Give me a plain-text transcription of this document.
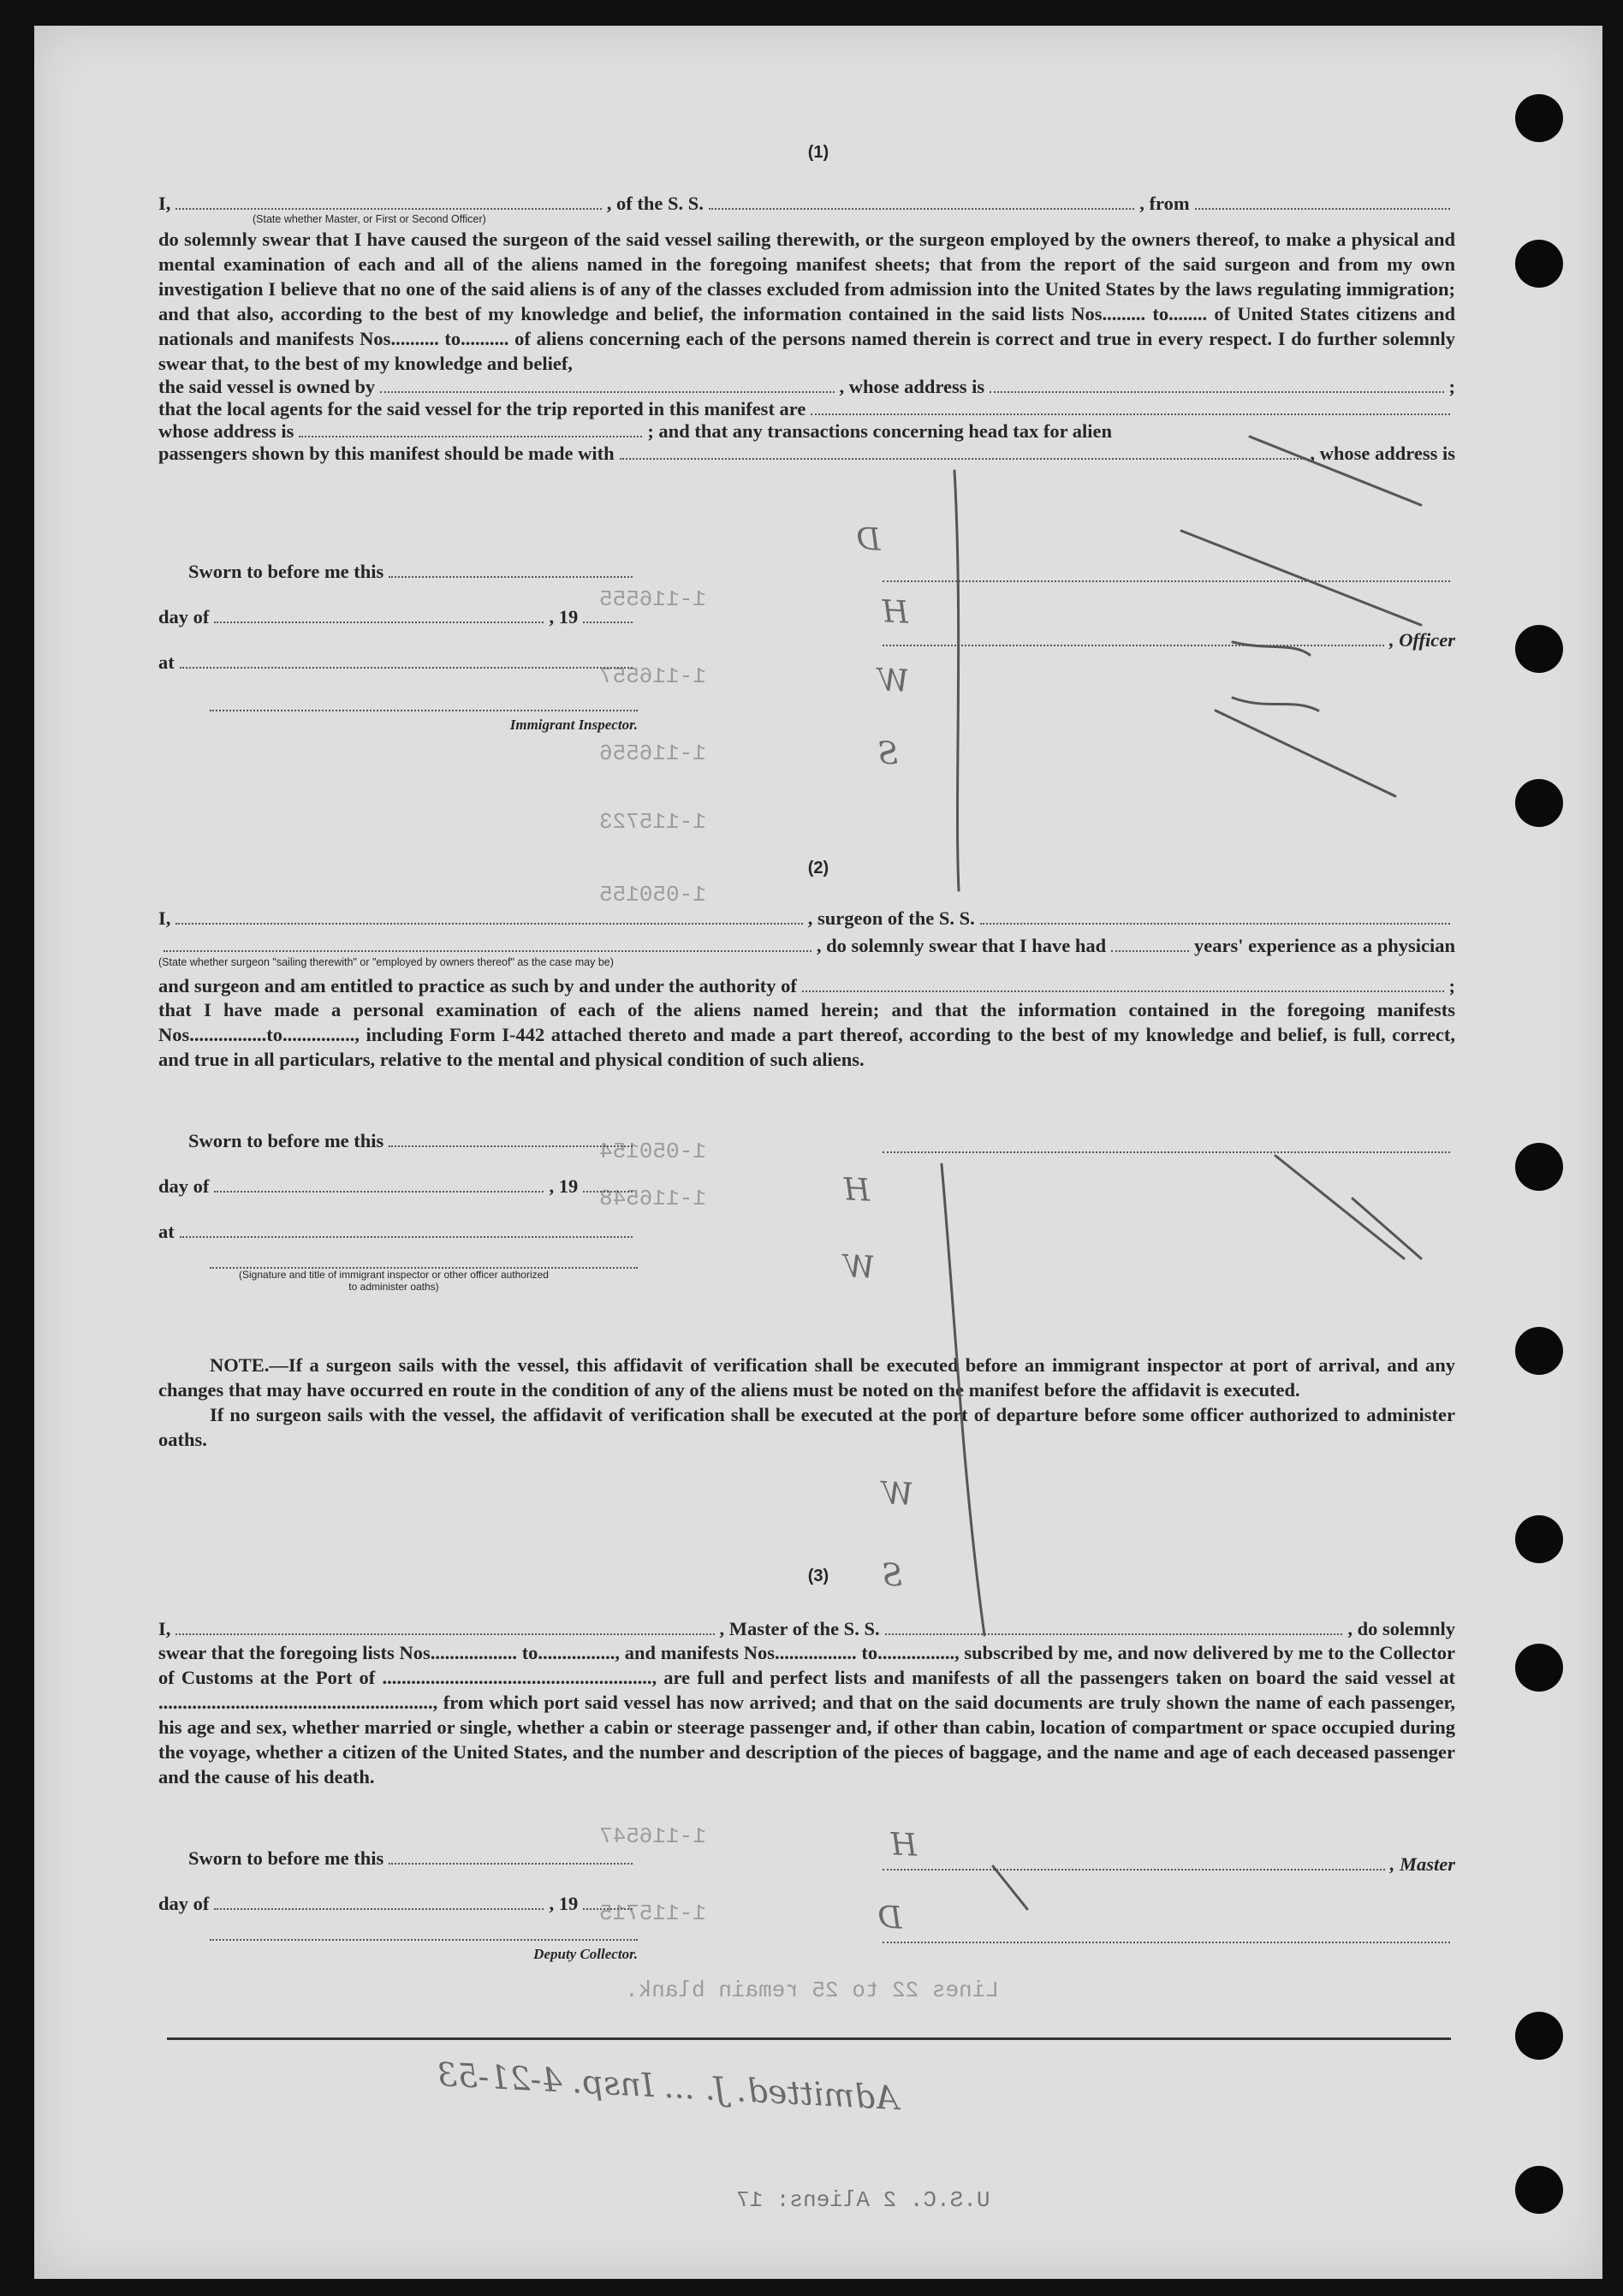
1-116555
1-116557
1-116556
1-115723
1-050155
1-050154
1-116548
1-116547
1-115715
Lines 22 to 25 remain blank.
U.S.C. 2 Aliens: 17
(1)
I,	, of the S. S.	, from
(State whether Master, or First or Second Officer)
do solemnly swear that I have caused the surgeon of the said vessel sailing therewith, or the surgeon employed by the owners thereof, to make a physical and mental examination of each and all of the aliens named in the foregoing manifest sheets; that from the report of the said surgeon and from my own investigation I believe that no one of the said aliens is of any of the classes excluded from admission into the United States by the laws regulating immigration; and that also, according to the best of my knowledge and belief, the information contained in the said lists Nos......... to........ of United States citizens and nationals and manifests Nos.......... to.......... of aliens concerning each of the persons named therein is correct and true in every respect. I do further solemnly swear that, to the best of my knowledge and belief,
the said vessel is owned by	, whose address is	;
that the local agents for the said vessel for the trip reported in this manifest are
whose address is	; and that any transactions concerning head tax for alien
passengers shown by this manifest should be made with	, whose address is
Sworn to before me this
day of	, 19
at
Immigrant Inspector.
, Officer
(2)
I,	, surgeon of the S. S.
, do solemnly swear that I have had	years' experience as a physician
(State whether surgeon "sailing therewith" or "employed by owners thereof" as the case may be)
and surgeon and am entitled to practice as such by and under the authority of	;
that I have made a personal examination of each of the aliens named herein; and that the information contained in the foregoing manifests Nos................to..............., including Form I-442 attached thereto and made a part thereof, according to the best of my knowledge and belief, is full, correct, and true in all particulars, relative to the mental and physical condition of such aliens.
Sworn to before me this
day of	, 19
at
(Signature and title of immigrant inspector or other officer authorized to administer oaths)
NOTE.—If a surgeon sails with the vessel, this affidavit of verification shall be executed before an immigrant inspector at port of arrival, and any changes that may have occurred en route in the condition of any of the aliens must be noted on the manifest before the affidavit is executed.
If no surgeon sails with the vessel, the affidavit of verification shall be executed at the port of departure before some officer authorized to administer oaths.
(3)
I,	, Master of the S. S.	, do solemnly
swear that the foregoing lists Nos.................. to................, and manifests Nos................. to................, subscribed by me, and now delivered by me to the Collector of Customs at the Port of ........................................................, are full and perfect lists and manifests of all the passengers taken on board the said vessel at ........................................................., from which port said vessel has now arrived; and that on the said documents are truly shown the name of each passenger, his age and sex, whether married or single, whether a cabin or steerage passenger and, if other than cabin, location of compartment or space occupied during the voyage, whether a citizen of the United States, and the number and description of the pieces of baggage, and the name and age of each deceased passenger and the cause of his death.
Sworn to before me this
day of	, 19
Deputy Collector.
, Master
D
H
W
S
H
W
W
S
H
D
Admitted. J. ... Insp. 4-21-53
